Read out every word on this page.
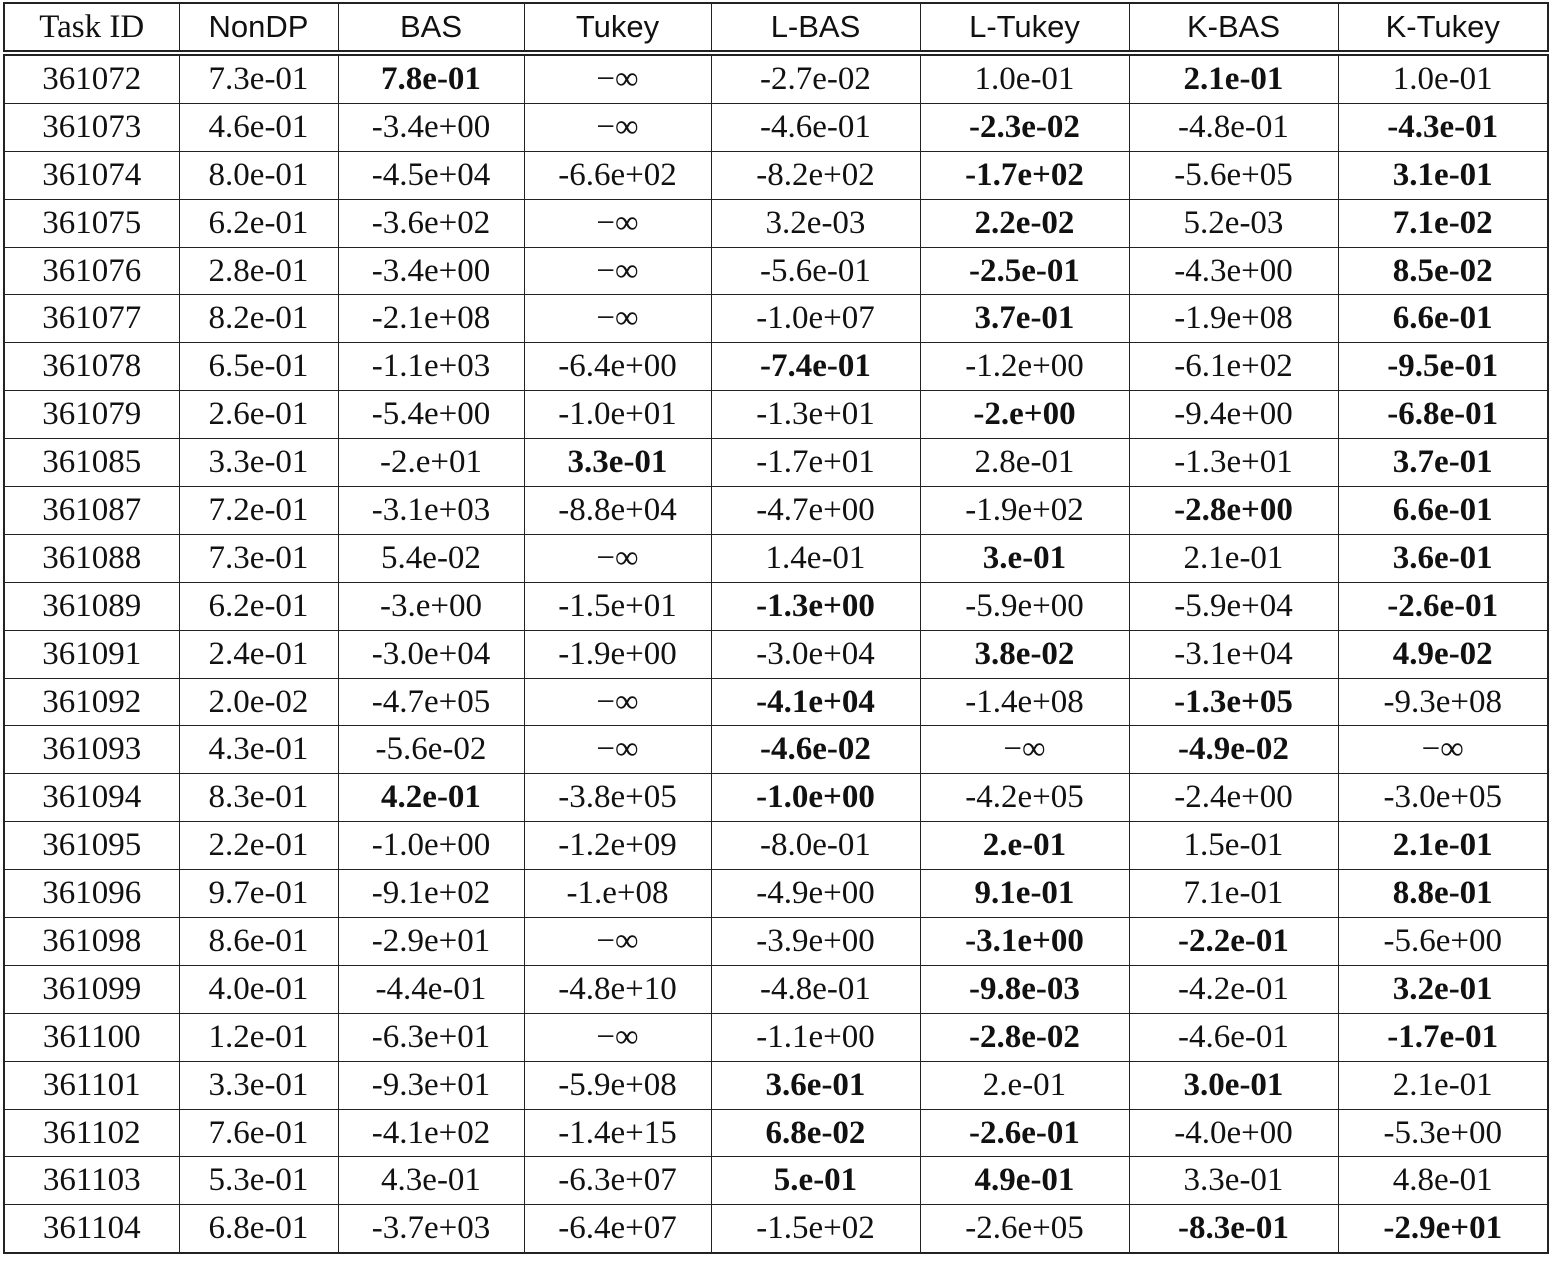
Task ID	NonDP	BAS	Tukey	L-BAS	L-Tukey	K-BAS	K-Tukey
361072	7.3e-01	7.8e-01	−∞	-2.7e-02	1.0e-01	2.1e-01	1.0e-01
361073	4.6e-01	-3.4e+00	−∞	-4.6e-01	-2.3e-02	-4.8e-01	-4.3e-01
361074	8.0e-01	-4.5e+04	-6.6e+02	-8.2e+02	-1.7e+02	-5.6e+05	3.1e-01
361075	6.2e-01	-3.6e+02	−∞	3.2e-03	2.2e-02	5.2e-03	7.1e-02
361076	2.8e-01	-3.4e+00	−∞	-5.6e-01	-2.5e-01	-4.3e+00	8.5e-02
361077	8.2e-01	-2.1e+08	−∞	-1.0e+07	3.7e-01	-1.9e+08	6.6e-01
361078	6.5e-01	-1.1e+03	-6.4e+00	-7.4e-01	-1.2e+00	-6.1e+02	-9.5e-01
361079	2.6e-01	-5.4e+00	-1.0e+01	-1.3e+01	-2.e+00	-9.4e+00	-6.8e-01
361085	3.3e-01	-2.e+01	3.3e-01	-1.7e+01	2.8e-01	-1.3e+01	3.7e-01
361087	7.2e-01	-3.1e+03	-8.8e+04	-4.7e+00	-1.9e+02	-2.8e+00	6.6e-01
361088	7.3e-01	5.4e-02	−∞	1.4e-01	3.e-01	2.1e-01	3.6e-01
361089	6.2e-01	-3.e+00	-1.5e+01	-1.3e+00	-5.9e+00	-5.9e+04	-2.6e-01
361091	2.4e-01	-3.0e+04	-1.9e+00	-3.0e+04	3.8e-02	-3.1e+04	4.9e-02
361092	2.0e-02	-4.7e+05	−∞	-4.1e+04	-1.4e+08	-1.3e+05	-9.3e+08
361093	4.3e-01	-5.6e-02	−∞	-4.6e-02	−∞	-4.9e-02	−∞
361094	8.3e-01	4.2e-01	-3.8e+05	-1.0e+00	-4.2e+05	-2.4e+00	-3.0e+05
361095	2.2e-01	-1.0e+00	-1.2e+09	-8.0e-01	2.e-01	1.5e-01	2.1e-01
361096	9.7e-01	-9.1e+02	-1.e+08	-4.9e+00	9.1e-01	7.1e-01	8.8e-01
361098	8.6e-01	-2.9e+01	−∞	-3.9e+00	-3.1e+00	-2.2e-01	-5.6e+00
361099	4.0e-01	-4.4e-01	-4.8e+10	-4.8e-01	-9.8e-03	-4.2e-01	3.2e-01
361100	1.2e-01	-6.3e+01	−∞	-1.1e+00	-2.8e-02	-4.6e-01	-1.7e-01
361101	3.3e-01	-9.3e+01	-5.9e+08	3.6e-01	2.e-01	3.0e-01	2.1e-01
361102	7.6e-01	-4.1e+02	-1.4e+15	6.8e-02	-2.6e-01	-4.0e+00	-5.3e+00
361103	5.3e-01	4.3e-01	-6.3e+07	5.e-01	4.9e-01	3.3e-01	4.8e-01
361104	6.8e-01	-3.7e+03	-6.4e+07	-1.5e+02	-2.6e+05	-8.3e-01	-2.9e+01
